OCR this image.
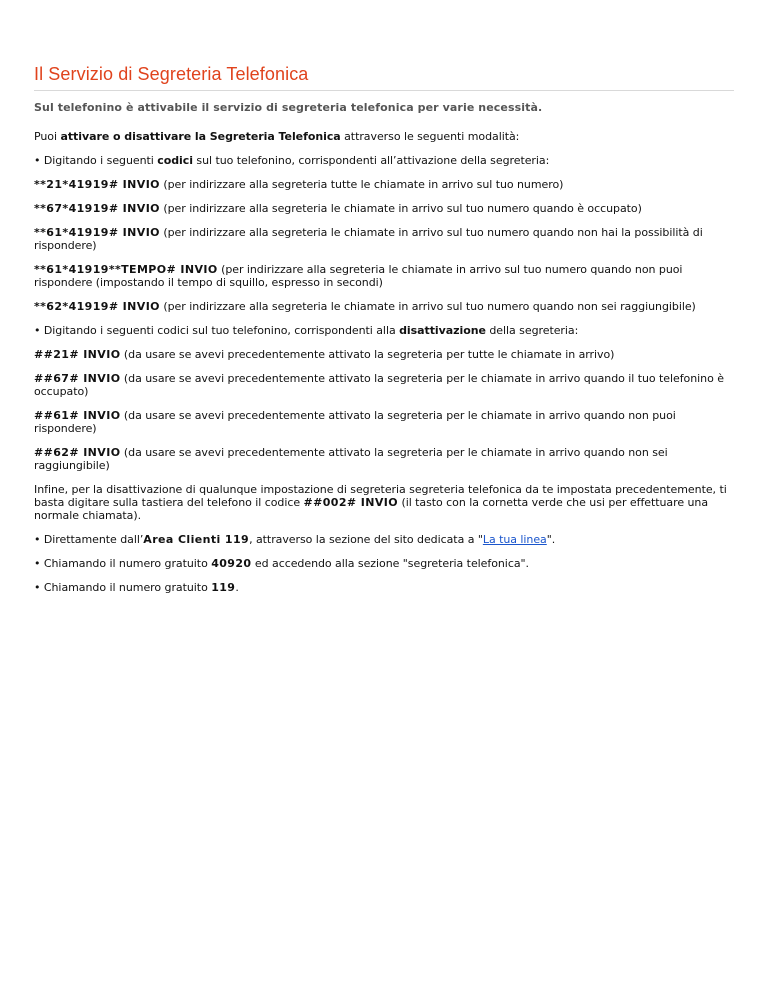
Il Servizio di Segreteria Telefonica
Sul telefonino è attivabile il servizio di segreteria telefonica per varie necessità.

Puoi attivare o disattivare la Segreteria Telefonica attraverso le seguenti modalità:

• Digitando i seguenti codici sul tuo telefonino, corrispondenti all’attivazione della segreteria:

**21*41919# INVIO (per indirizzare alla segreteria tutte le chiamate in arrivo sul tuo numero)

**67*41919# INVIO (per indirizzare alla segreteria le chiamate in arrivo sul tuo numero quando è occupato)

**61*41919# INVIO (per indirizzare alla segreteria le chiamate in arrivo sul tuo numero quando non hai la possibilità di rispondere)

**61*41919**TEMPO# INVIO (per indirizzare alla segreteria le chiamate in arrivo sul tuo numero quando non puoi rispondere (impostando il tempo di squillo, espresso in secondi)

**62*41919# INVIO (per indirizzare alla segreteria le chiamate in arrivo sul tuo numero quando non sei raggiungibile)

• Digitando i seguenti codici sul tuo telefonino, corrispondenti alla disattivazione della segreteria:

##21# INVIO (da usare se avevi precedentemente attivato la segreteria per tutte le chiamate in arrivo)

##67# INVIO (da usare se avevi precedentemente attivato la segreteria per le chiamate in arrivo quando il tuo telefonino è occupato)

##61# INVIO (da usare se avevi precedentemente attivato la segreteria per le chiamate in arrivo quando non puoi rispondere)

##62# INVIO (da usare se avevi precedentemente attivato la segreteria per le chiamate in arrivo quando non sei raggiungibile)

Infine, per la disattivazione di qualunque impostazione di segreteria segreteria telefonica da te impostata precedentemente, ti basta digitare sulla tastiera del telefono il codice ##002# INVIO (il tasto con la cornetta verde che usi per effettuare una normale chiamata).

• Direttamente dall’Area Clienti 119, attraverso la sezione del sito dedicata a "La tua linea".

• Chiamando il numero gratuito 40920 ed accedendo alla sezione "segreteria telefonica".

• Chiamando il numero gratuito 119.
